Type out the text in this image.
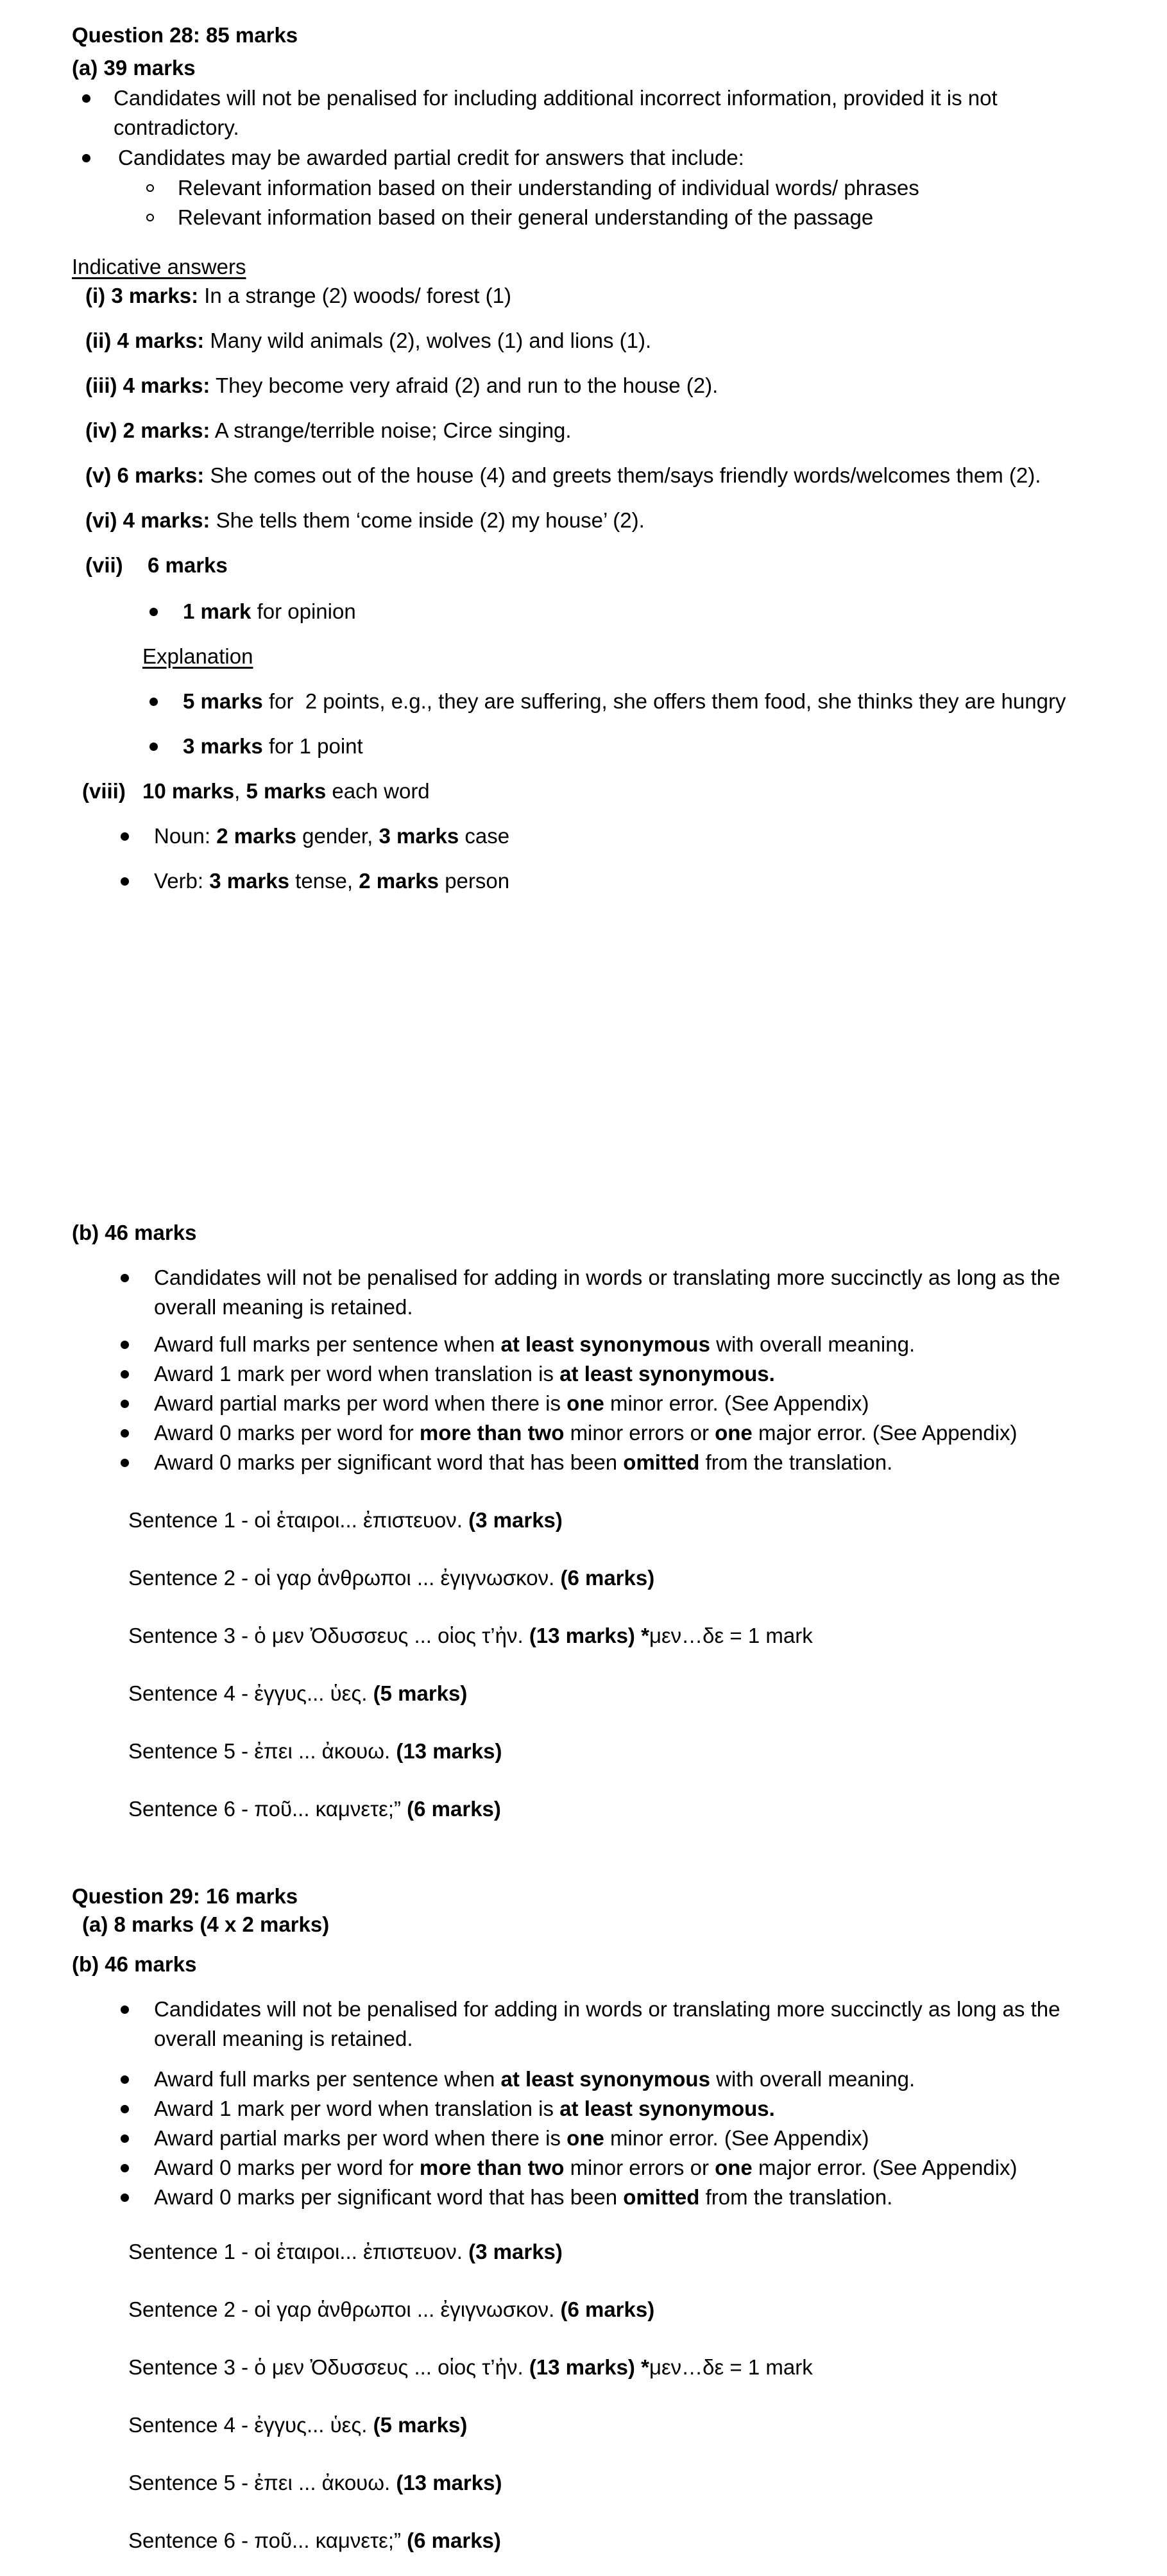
Question 28: 85 marks
(a) 39 marks
Candidates will not be penalised for including additional incorrect information, provided it is not contradictory.
Candidates may be awarded partial credit for answers that include:
Relevant information based on their understanding of individual words/ phrases
Relevant information based on their general understanding of the passage
Indicative answers
(i) 3 marks: In a strange (2) woods/ forest (1)
(ii) 4 marks: Many wild animals (2), wolves (1) and lions (1).
(iii) 4 marks: They become very afraid (2) and run to the house (2).
(iv) 2 marks: A strange/terrible noise; Circe singing.
(v) 6 marks: She comes out of the house (4) and greets them/says friendly words/welcomes them (2).
(vi) 4 marks: She tells them ‘come inside (2) my house’ (2).
(vii) 6 marks
1 mark for opinion
Explanation
5 marks for  2 points, e.g., they are suffering, she offers them food, she thinks they are hungry
3 marks for 1 point
(viii) 10 marks, 5 marks each word
Noun: 2 marks gender, 3 marks case
Verb: 3 marks tense, 2 marks person
(b) 46 marks
Candidates will not be penalised for adding in words or translating more succinctly as long as the overall meaning is retained.
Award full marks per sentence when at least synonymous with overall meaning.
Award 1 mark per word when translation is at least synonymous.
Award partial marks per word when there is one minor error. (See Appendix)
Award 0 marks per word for more than two minor errors or one major error. (See Appendix)
Award 0 marks per significant word that has been omitted from the translation.
Sentence 1 - οἱ ἑταιροι... ἐπιστευον. (3 marks)
Sentence 2 - οἱ γαρ ἁνθρωποι ... ἐγιγνωσκον. (6 marks)
Sentence 3 - ὁ μεν Ὀδυσσευς ... οἱος τ’ἠν. (13 marks) *μεν…δε = 1 mark
Sentence 4 - ἐγγυς... ὑες. (5 marks)
Sentence 5 - ἐπει ... ἀκουω. (13 marks)
Sentence 6 - ποῦ... καμνετε;” (6 marks)
Question 29: 16 marks
(a) 8 marks (4 x 2 marks)
(b) 46 marks
Candidates will not be penalised for adding in words or translating more succinctly as long as the overall meaning is retained.
Award full marks per sentence when at least synonymous with overall meaning.
Award 1 mark per word when translation is at least synonymous.
Award partial marks per word when there is one minor error. (See Appendix)
Award 0 marks per word for more than two minor errors or one major error. (See Appendix)
Award 0 marks per significant word that has been omitted from the translation.
Sentence 1 - οἱ ἑταιροι... ἐπιστευον. (3 marks)
Sentence 2 - οἱ γαρ ἁνθρωποι ... ἐγιγνωσκον. (6 marks)
Sentence 3 - ὁ μεν Ὀδυσσευς ... οἱος τ’ἠν. (13 marks) *μεν…δε = 1 mark
Sentence 4 - ἐγγυς... ὑες. (5 marks)
Sentence 5 - ἐπει ... ἀκουω. (13 marks)
Sentence 6 - ποῦ... καμνετε;” (6 marks)
